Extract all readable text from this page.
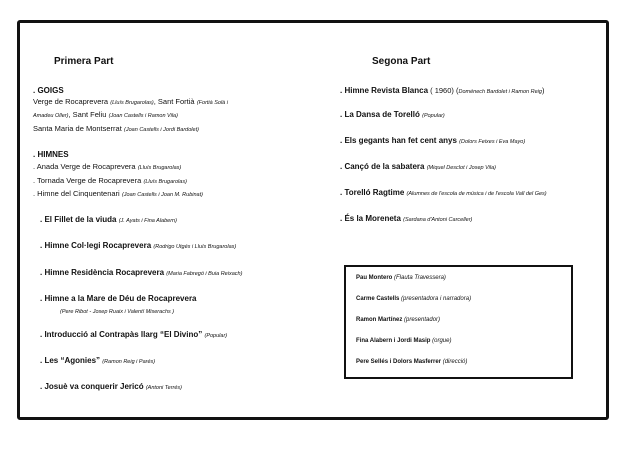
Primera Part
. GOIGS
Verge de Rocaprevera (Lluís Brugarolas), Sant Fortià (Fortià Solà i
Amadeu Oller), Sant Feliu (Joan Castells i Ramon Vila)
Santa Maria de Montserrat (Joan Castells i Jordi Bardolet)
. HIMNES
. Anada Verge de Rocaprevera (Lluís Brugarolas)
. Tornada Verge de Rocaprevera (Lluís Brugarolas)
. Himne del Cinquentenari (Joan Castells i Joan M. Rubinat)
. El Fillet de la viuda (J. Ayats i Fina Alabern)
. Himne Col·legi Rocaprevera (Rodrigo Utgés i Lluís Brugarolas)
. Himne Residència Rocaprevera (Maria Fabregó i Buia Reixach)
. Himne a la Mare de Déu de Rocaprevera
(Pere Ribot - Josep Ruaix i Valentí Miserachs )
. Introducció al Contrapàs llarg “El Divino” (Popular)
. Les “Agonies” (Ramon Reig i Parés)
. Josuè va conquerir Jericó (Antoni Terrés)
Segona Part
. Himne Revista Blanca ( 1960) (Doménech Bardolet i Ramon Reig)
. La Dansa de Torelló (Popular)
. Els gegants han fet cent anys (Dolors Feixes i Eva Mayo)
. Cançó de la sabatera (Miquel Desclot i Josep Vila)
. Torelló Ragtime (Alumnes de l'escola de música i de l'escola Vall del Ges)
. És la Moreneta (Sardana d'Antoni Carceller)
Pau Montero (Flauta Travessera)
Carme Castells (presentadora i narradora)
Ramon Martínez (presentador)
Fina Alabern i Jordi Masip (orgue)
Pere Sellés i Dolors Masferrer (direcció)
